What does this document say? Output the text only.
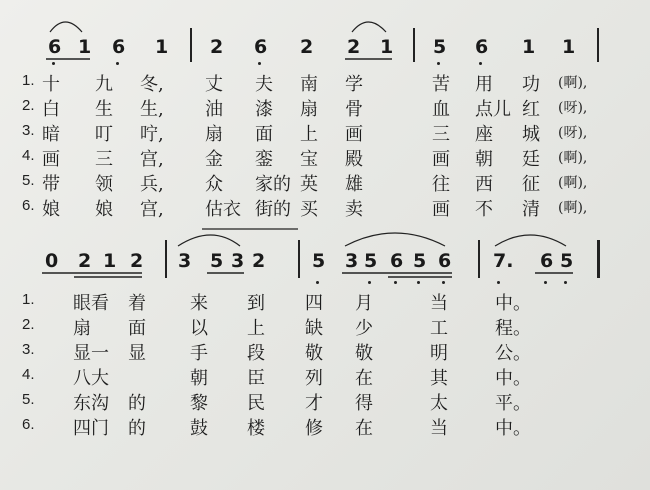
6 1 6 1 2 6 2 2 1 5 6 1 1
1. 十 九 冬, 丈 夫 南 学	苦 用 功 (啊),
2. 白 生 生, 油 漆 扇 骨	血 点儿 红 (呀),
3. 暗 叮 咛, 扇 面 上 画	三 座 城 (呀),
4. 画 三 宫, 金 銮 宝 殿	画 朝 廷 (啊),
5. 带 领 兵, 众 家的 英 雄	往 西 征 (啊),
6. 娘 娘 宫, 估衣 街的 买 卖	画 不 清 (啊),
0 2 1 2 3 5 3 2 5 3 5 6 5 6 7. 6 5
1. 眼看 着 来 到 四 月	当	中。
2. 扇 面 以 上 缺 少	工	程。
3. 显一 显 手 段 敬 敬	明	公。
4. 八大	朝 臣 列 在	其	中。
5. 东沟 的 黎 民 才 得	太	平。
6. 四门 的 鼓 楼 修 在	当	中。
